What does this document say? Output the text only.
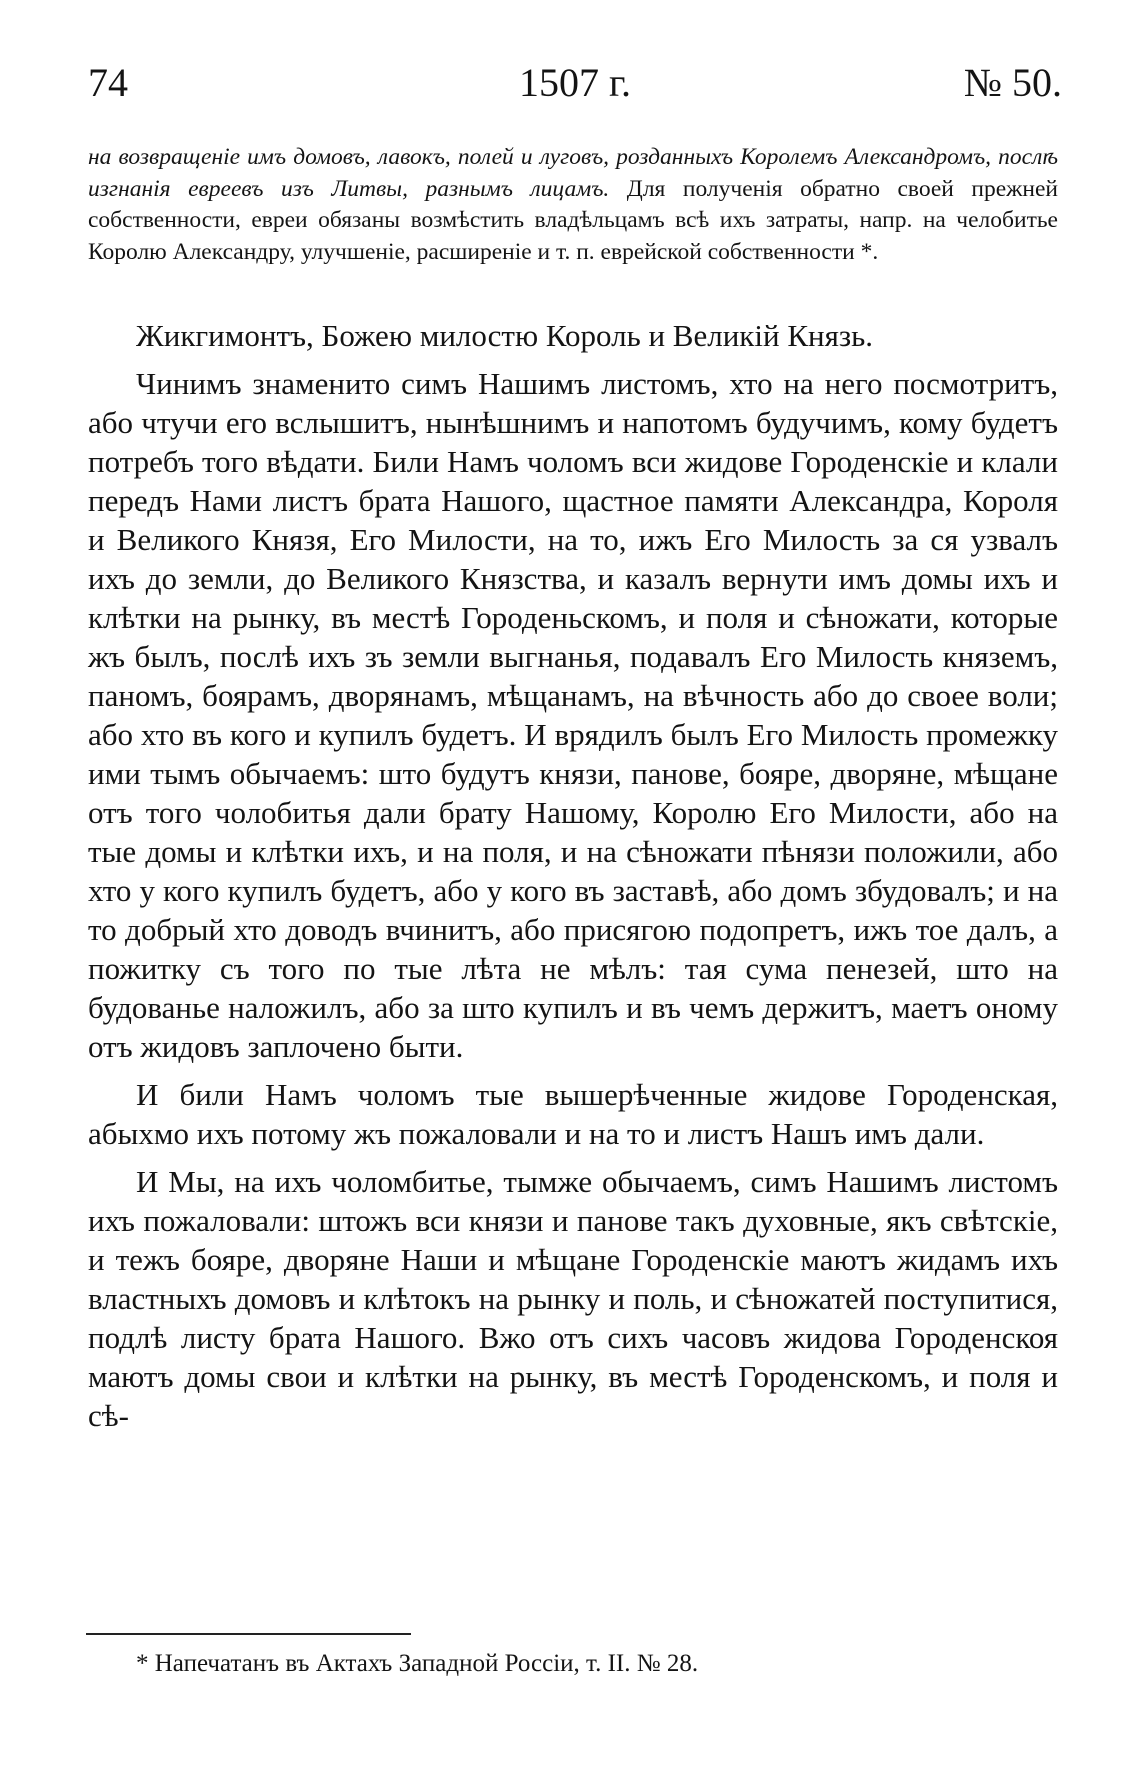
74	1507 г.	№ 50.
на возвращеніе имъ домовъ, лавокъ, полей и луговъ, розданныхъ Королемъ Александромъ, послѣ изгнанія евреевъ изъ Литвы, разнымъ лицамъ. Для полученія обратно своей прежней собственности, евреи обязаны возмѣстить владѣльцамъ всѣ ихъ затраты, напр. на челобитье Королю Александру, улучшеніе, расширеніе и т. п. еврейской собственности *.

Жикгимонтъ, Божею милостю Король и Великій Князь.

Чинимъ знаменито симъ Нашимъ листомъ, хто на него посмотритъ, або чтучи его вслышитъ, нынѣшнимъ и напотомъ будучимъ, кому будетъ потребъ того вѣдати. Били Намъ чоломъ вси жидове Городенскіе и клали передъ Нами листъ брата Нашого, щастное памяти Александра, Короля и Великого Князя, Его Милости, на то, ижъ Его Милость за ся узвалъ ихъ до земли, до Великого Князства, и казалъ вернути имъ домы ихъ и клѣтки на рынку, въ местѣ Городеньскомъ, и поля и сѣножати, которые жъ былъ, послѣ ихъ зъ земли выгнанья, подавалъ Его Милость княземъ, паномъ, боярамъ, дворянамъ, мѣщанамъ, на вѣчность або до своее воли; або хто въ кого и купилъ будетъ. И врядилъ былъ Его Милость промежку ими тымъ обычаемъ: што будутъ князи, панове, бояре, дворяне, мѣщане отъ того чолобитья дали брату Нашому, Королю Его Милости, або на тые домы и клѣтки ихъ, и на поля, и на сѣножати пѣнязи положили, або хто у кого купилъ будетъ, або у кого въ заставѣ, або домъ збудовалъ; и на то добрый хто доводъ вчинитъ, або присягою подопретъ, ижъ тое далъ, а пожитку съ того по тые лѣта не мѣлъ: тая сума пенезей, што на будованье наложилъ, або за што купилъ и въ чемъ держитъ, маетъ оному отъ жидовъ заплочено быти.

И били Намъ чоломъ тые вышерѣченные жидове Городенская, абыхмо ихъ потому жъ пожаловали и на то и листъ Нашъ имъ дали.

И Мы, на ихъ чоломбитье, тымже обычаемъ, симъ Нашимъ листомъ ихъ пожаловали: штожъ вси князи и панове такъ духовные, якъ свѣтскіе, и тежъ бояре, дворяне Наши и мѣщане Городенскіе маютъ жидамъ ихъ властныхъ домовъ и клѣтокъ на рынку и поль, и сѣножатей поступитися, подлѣ листу брата Нашого. Вжо отъ сихъ часовъ жидова Городенскоя маютъ домы свои и клѣтки на рынку, въ местѣ Городенскомъ, и поля и сѣ-

* Напечатанъ въ Актахъ Западной Россіи, т. II. № 28.
